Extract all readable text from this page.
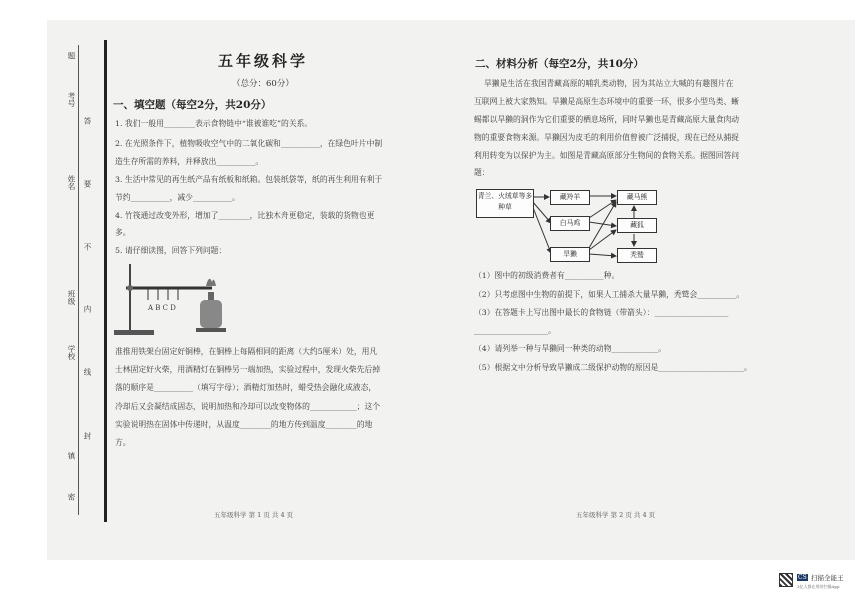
题
考号
答
姓名 要
不
班级
内
学校
线
封
镇
密
五年级科学
（总分：60分）
一、填空题（每空2分，共20分）
1. 我们一般用________表示食物链中“谁被谁吃”的关系。
2. 在光照条件下，植物吸收空气中的二氧化碳和__________，在绿色叶片中制
造生存所需的养料，并释放出__________。
3. 生活中常见的再生纸产品有纸板和纸箱。包装纸袋等，纸的再生利用有利于
节约__________，减少__________。
4. 竹筏通过改变外形，增加了________，比独木舟更稳定，装载的货物也更
多。
5. 请仔细读图，回答下列问题：
A B C D
准推用铁架台固定好铜棒，在铜棒上每隔相同的距离（大约5厘米）处，用凡
士林固定好火柴，用酒精灯在铜棒另一端加热，实验过程中，发现火柴先后掉
落的顺序是__________（填写字母）；酒精灯加热时，蜡受热会融化成液态，
冷却后又会凝结成固态，说明加热和冷却可以改变物体的____________；这个
实验说明热在固体中传递时，从温度________的地方传到温度________的地
方。
五年级科学 第 1 页 共 4 页
二、材料分析（每空2分，共10分）
旱獭是生活在我国青藏高原的哺乳类动物，因为其站立大喊的有趣图片在
互联网上被大家熟知。旱獭是高原生态环境中的重要一环，很多小型鸟类、蜥
蜴都以旱獭的洞作为它们重要的栖息场所，同时旱獭也是青藏高原大量食肉动
物的重要食物来源。旱獭因为皮毛的利用价值曾被广泛捕捉，现在已经从捕捉
利用转变为以保护为主。如图是青藏高原部分生物间的食物关系。据图回答问
题：
青兰、火绒草等多种草
藏羚羊
白马鸡
旱獭
藏马熊
藏狐
秃鹫
（1）图中的初级消费者有__________种。
（2）只考虑图中生物的前提下，如果人工捕杀大量旱獭，秃鹫会__________。
（3）在答题卡上写出图中最长的食物链（带箭头）：___________________
___________________。
（4）请列举一种与旱獭同一种类的动物____________。
（5）根据文中分析导致旱獭成二级保护动物的原因是______________________。
五年级科学 第 2 页 共 4 页
CS 扫描全能王
3亿人都在用的扫描App
